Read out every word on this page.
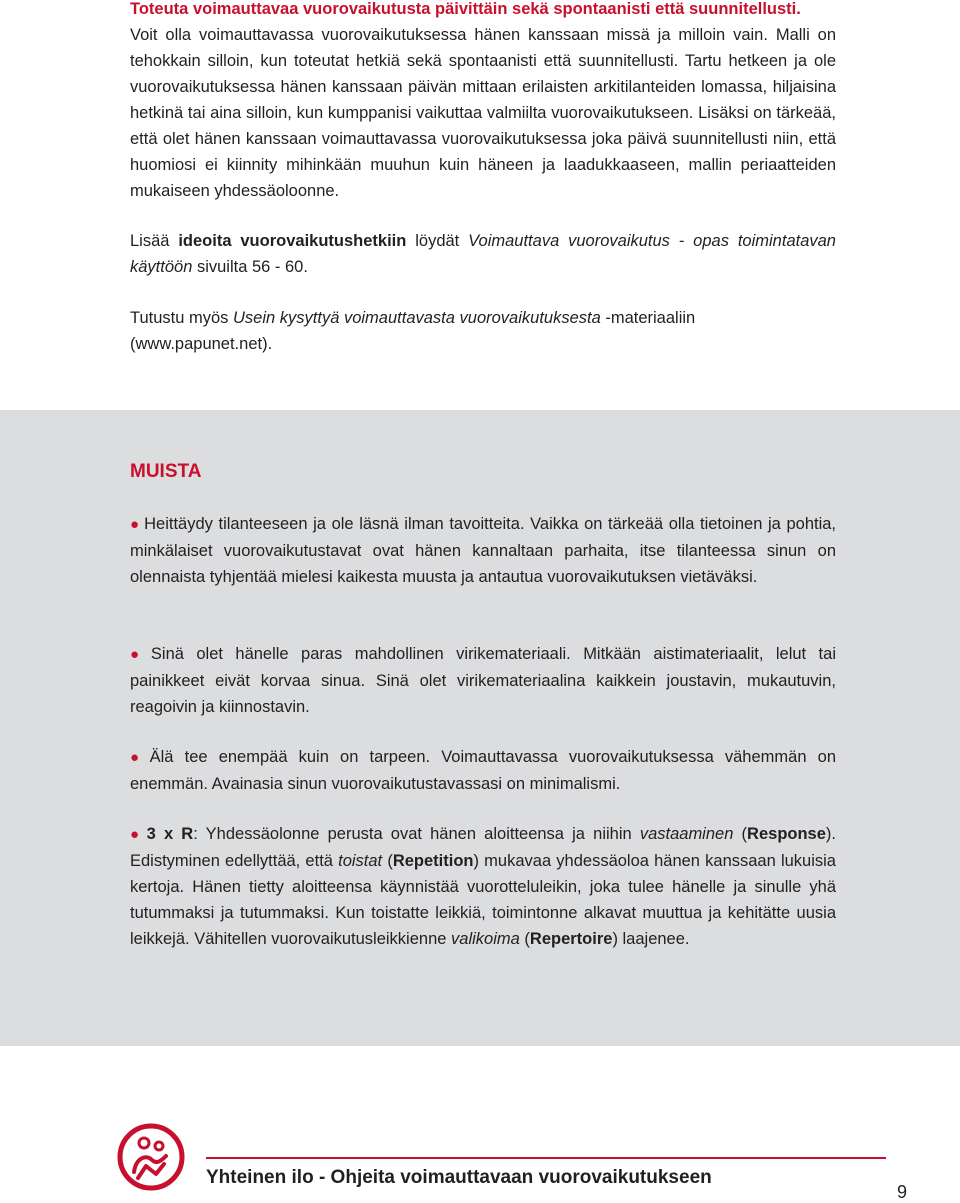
Toteuta voimauttavaa vuorovaikutusta päivittäin sekä spontaanisti että suunnitellusti.

Voit olla voimauttavassa vuorovaikutuksessa hänen kanssaan missä ja milloin vain. Malli on tehokkain silloin, kun toteutat hetkiä sekä spontaanisti että suunnitellusti. Tartu hetkeen ja ole vuorovaikutuksessa hänen kanssaan päivän mittaan erilaisten arkitilanteiden lomassa, hiljaisina hetkinä tai aina silloin, kun kumppanisi vaikuttaa valmiilta vuorovaikutukseen. Lisäksi on tärkeää, että olet hänen kanssaan voimauttavassa vuorovaikutuksessa joka päivä suunnitellusti niin, että huomiosi ei kiinnity mihinkään muuhun kuin häneen ja laadukkaaseen, mallin periaatteiden mukaiseen yhdessäoloonne.

Lisää ideoita vuorovaikutushetkiin löydät Voimauttava vuorovaikutus - opas toimintatavan käyttöön sivuilta 56 - 60.

Tutustu myös Usein kysyttyä voimauttavasta vuorovaikutuksesta -materiaaliin
(www.papunet.net).

MUISTA
● Heittäydy tilanteeseen ja ole läsnä ilman tavoitteita. Vaikka on tärkeää olla tietoinen ja pohtia, minkälaiset vuorovaikutustavat ovat hänen kannaltaan parhaita, itse tilanteessa sinun on olennaista tyhjentää mielesi kaikesta muusta ja antautua vuorovaikutuksen vietäväksi.
● Sinä olet hänelle paras mahdollinen virikemateriaali. Mitkään aistimateriaalit, lelut tai painikkeet eivät korvaa sinua. Sinä olet virikemateriaalina kaikkein joustavin, mukautuvin, reagoivin ja kiinnostavin.
● Älä tee enempää kuin on tarpeen. Voimauttavassa vuorovaikutuksessa vähemmän on enemmän. Avainasia sinun vuorovaikutustavassasi on minimalismi.
● 3 x R: Yhdessäolonne perusta ovat hänen aloitteensa ja niihin vastaaminen (Response). Edistyminen edellyttää, että toistat (Repetition) mukavaa yhdessäoloa hänen kanssaan lukuisia kertoja. Hänen tietty aloitteensa käynnistää vuorotteluleikin, joka tulee hänelle ja sinulle yhä tutummaksi ja tutummaksi. Kun toistatte leikkiä, toimintonne alkavat muuttua ja kehitätte uusia leikkejä. Vähitellen vuorovaikutusleikkienne valikoima (Repertoire) laajenee.
Yhteinen ilo - Ohjeita voimauttavaan vuorovaikutukseen
9
